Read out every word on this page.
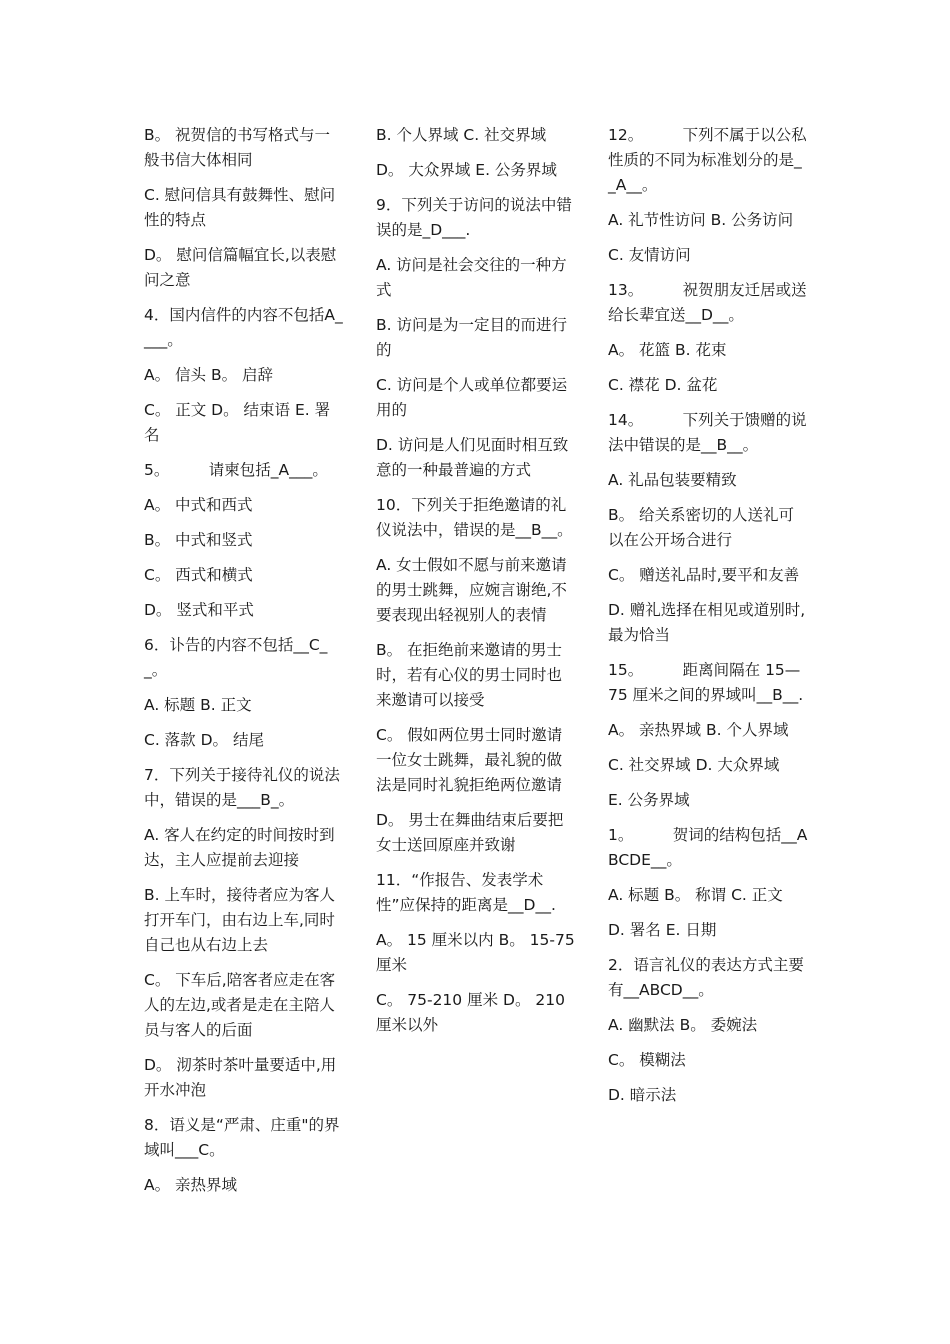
B。 祝贺信的书写格式与一般书信大体相同

C. 慰问信具有鼓舞性、慰问性的特点

D。 慰问信篇幅宜长,以表慰问之意

4．国内信件的内容不包括A____。

A。 信头 B。 启辞

C。 正文 D。 结束语 E. 署名

5。        请柬包括_A___。

A。 中式和西式

B。 中式和竖式

C。 西式和横式

D。 竖式和平式

6．讣告的内容不包括__C__。

A. 标题 B. 正文

C. 落款 D。 结尾

7．下列关于接待礼仪的说法中，错误的是___B_。

A. 客人在约定的时间按时到达，主人应提前去迎接

B. 上车时，接待者应为客人打开车门，由右边上车,同时自己也从右边上去

C。 下车后,陪客者应走在客人的左边,或者是走在主陪人员与客人的后面

D。 沏茶时茶叶量要适中,用开水冲泡

8．语义是“严肃、庄重"的界域叫___C。

A。 亲热界域

B. 个人界域 C. 社交界域

D。 大众界域 E. 公务界域

9．下列关于访问的说法中错误的是_D___.

A. 访问是社会交往的一种方式

B. 访问是为一定目的而进行的

C. 访问是个人或单位都要运用的

D. 访问是人们见面时相互致意的一种最普遍的方式

10．下列关于拒绝邀请的礼仪说法中，错误的是__B__。

A. 女士假如不愿与前来邀请的男士跳舞，应婉言谢绝,不要表现出轻视别人的表情

B。 在拒绝前来邀请的男士时，若有心仪的男士同时也来邀请可以接受

C。 假如两位男士同时邀请一位女士跳舞，最礼貌的做法是同时礼貌拒绝两位邀请

D。 男士在舞曲结束后要把女士送回原座并致谢

11．“作报告、发表学术性”应保持的距离是__D__.

A。 15 厘米以内 B。 15-75 厘米

C。 75-210 厘米 D。 210 厘米以外

12。        下列不属于以公私性质的不同为标准划分的是__A__。

A. 礼节性访问 B. 公务访问

C. 友情访问

13。        祝贺朋友迁居或送给长辈宜送__D__。

A。 花篮 B. 花束

C. 襟花 D. 盆花

14。        下列关于馈赠的说法中错误的是__B__。

A. 礼品包装要精致

B。 给关系密切的人送礼可以在公开场合进行

C。 赠送礼品时,要平和友善

D. 赠礼选择在相见或道别时,最为恰当

15。        距离间隔在 15—75 厘米之间的界域叫__B__.

A。 亲热界域 B. 个人界域

C. 社交界域 D. 大众界域

E. 公务界域

1。        贺词的结构包括__ABCDE__。

A. 标题 B。 称谓 C. 正文

D. 署名 E. 日期

2．语言礼仪的表达方式主要有__ABCD__。

A. 幽默法 B。 委婉法

C。 模糊法

D. 暗示法
